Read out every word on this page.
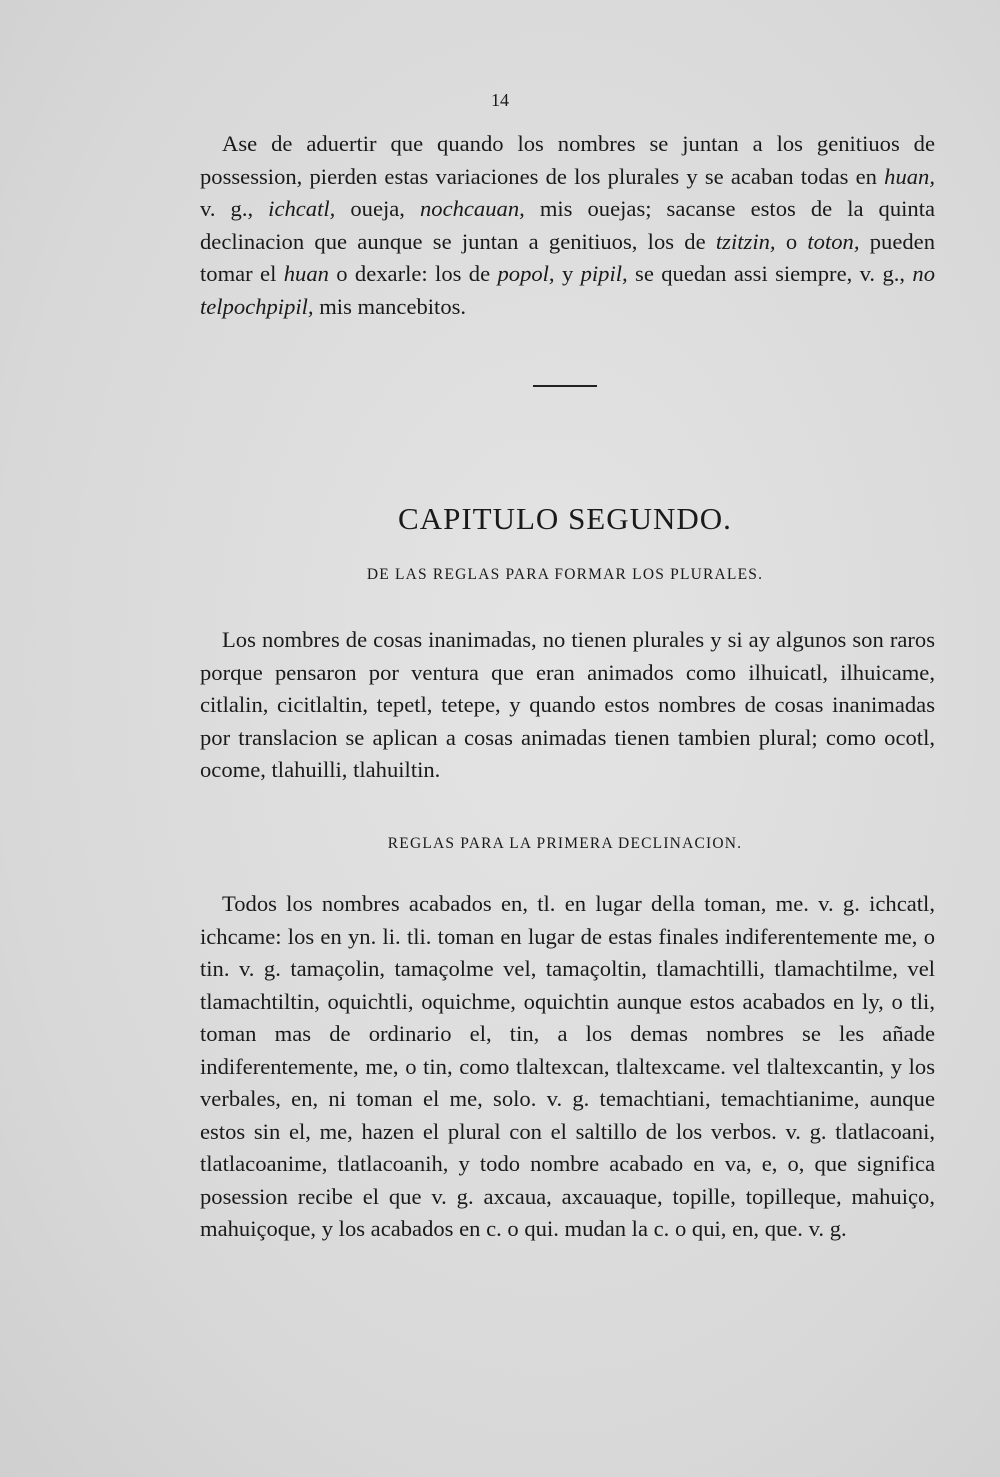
14

Ase de aduertir que quando los nombres se juntan a los genitiuos de possession, pierden estas variaciones de los plurales y se acaban todas en huan, v. g., ichcatl, oueja, nochcauan, mis ouejas; sacanse estos de la quinta declinacion que aunque se juntan a genitiuos, los de tzitzin, o toton, pueden tomar el huan o dexarle: los de popol, y pipil, se quedan assi siempre, v. g., no telpochpipil, mis mancebitos.

CAPITULO SEGUNDO.
DE LAS REGLAS PARA FORMAR LOS PLURALES.

Los nombres de cosas inanimadas, no tienen plurales y si ay algunos son raros porque pensaron por ventura que eran animados como ilhuicatl, ilhuicame, citlalin, cicitlaltin, tepetl, tetepe, y quando estos nombres de cosas inanimadas por translacion se aplican a cosas animadas tienen tambien plural; como ocotl, ocome, tlahuilli, tlahuiltin.

REGLAS PARA LA PRIMERA DECLINACION.

Todos los nombres acabados en, tl. en lugar della toman, me. v. g. ichcatl, ichcame: los en yn. li. tli. toman en lugar de estas finales indiferentemente me, o tin. v. g. tamaçolin, tamaçolme vel, tamaçoltin, tlamachtilli, tlamachtilme, vel tlamachtiltin, oquichtli, oquichme, oquichtin aunque estos acabados en ly, o tli, toman mas de ordinario el, tin, a los demas nombres se les añade indiferentemente, me, o tin, como tlaltexcan, tlaltexcame. vel tlaltexcantin, y los verbales, en, ni toman el me, solo. v. g. temachtiani, temachtianime, aunque estos sin el, me, hazen el plural con el saltillo de los verbos. v. g. tlatlacoani, tlatlacoanime, tlatlacoanih, y todo nombre acabado en va, e, o, que significa posession recibe el que v. g. axcaua, axcauaque, topille, topilleque, mahuiço, mahuiçoque, y los acabados en c. o qui. mudan la c. o qui, en, que. v. g.
